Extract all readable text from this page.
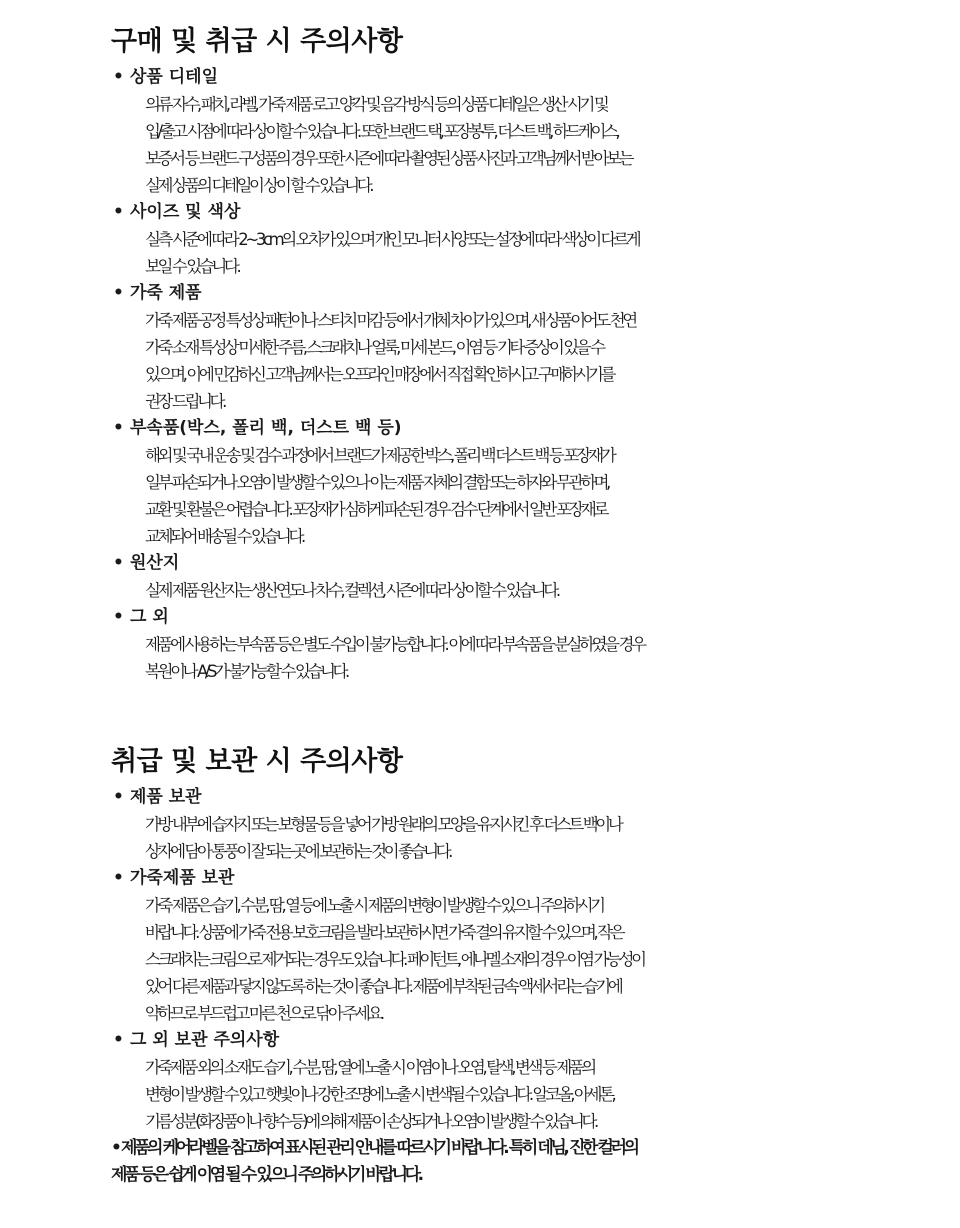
구매 및 취급 시 주의사항
• 상품 디테일
의류 자수, 패치, 라벨, 가죽 제품 로고 양각 및 음각 방식 등의 상품 디테일은 생산 시기 및
입/출고 시점에 따라 상이할 수 있습니다. 또한 브랜드 택, 포장봉투, 더스트 백, 하드케이스,
보증서 등 브랜드 구성품의 경우 또한 시즌에 따라 촬영된 상품 사진과 고객님께서 받아보는
실제 상품의 디테일이 상이 할 수 있습니다.
• 사이즈 및 색상
실측 시준에 따라 2~3cm의 오차가 있으며 개인 모니터 사양 또는 설정에 따라 색상이 다르게
보일 수 있습니다.
• 가죽 제품
가죽 제품 공정 특성상 패턴이나 스티치 마감 등에서 개체 차이가 있으며, 새 상품이어도 천연
가죽 소재 특성상 미세한 주름, 스크래치나 얼룩, 미세 본드, 이염 등 기타 증상이 있을 수
있으며, 이에 민감하신 고객님께서는 오프라인 매장에서 직접 확인하시고 구매하시기를
권장 드립니다.
• 부속품(박스, 폴리 백, 더스트 백 등)
해외 및 국내 운송 및 검수 과정에서 브랜드가 제공한 박스, 폴리 백 더스트 백 등 포장재가
일부 파손되거나 오염이 발생할 수 있으나 이는 제품 자체의 결함 또는 하자와 무관하며,
교환 및 환불은 어렵습니다. 포장재가 심하게 파손된 경우 검수 단계에서 일반 포장재로
교체되어 배송될 수 있습니다.
• 원산지
실제 제품 원산지는 생산연도나 차수, 컬렉션, 시즌에 따라 상이할 수 있습니다.
• 그 외
제품에 사용하는 부속품 등은 별도 수입이 불가능합니다. 이에 따라 부속품을 분실하였을 경우
복원이나 A/S가 불가능할 수 있습니다.
취급 및 보관 시 주의사항
• 제품 보관
가방 내부에 습자지 또는 보형물 등을 넣어 가방 원래의 모양을 유지시킨 후 더스트 백이나
상자에 담아 통풍이 잘 되는 곳에 보관하는 것이 좋습니다.
• 가죽제품 보관
가죽 제품은 습기, 수분, 땀, 열 등에 노출 시 제품의 변형이 발생할 수 있으니 주의하시기
바랍니다. 상품에 가죽 전용 보호크림을 발라 보관하시면 가죽 결의 유지할 수 있으며, 작은
스크래치는 크림으로 제거되는 경우도 있습니다. 페이턴트, 에나멜 소재의 경우 이염 가능성이
있어 다른 제품과 닿지 않도록 하는 것이 좋습니다. 제품에 부착된 금속 액세서리는 습기에
약하므로 부드럽고 마른 천으로 닦아 주세요.
• 그 외 보관 주의사항
가죽제품 외의 소재도 습기, 수분, 땀, 열에 노출 시 이염이나 오염, 탈색, 변색 등 제품의
변형이 발생할 수 있고 햇빛이나 강한 조명에 노출 시 변색될 수 있습니다. 알코올, 아세톤,
기름성분(화장품이나 향수 등)에 의해 제품이 손상되거나 오염이 발생할 수 있습니다.
• 제품의 케어라벨을 참고하여 표시된 관리 안내를 따르시기 바랍니다. 특히 데님, 진한 컬러의
제품 등은 쉽게 이염 될 수 있으니 주의하시기 바랍니다.
